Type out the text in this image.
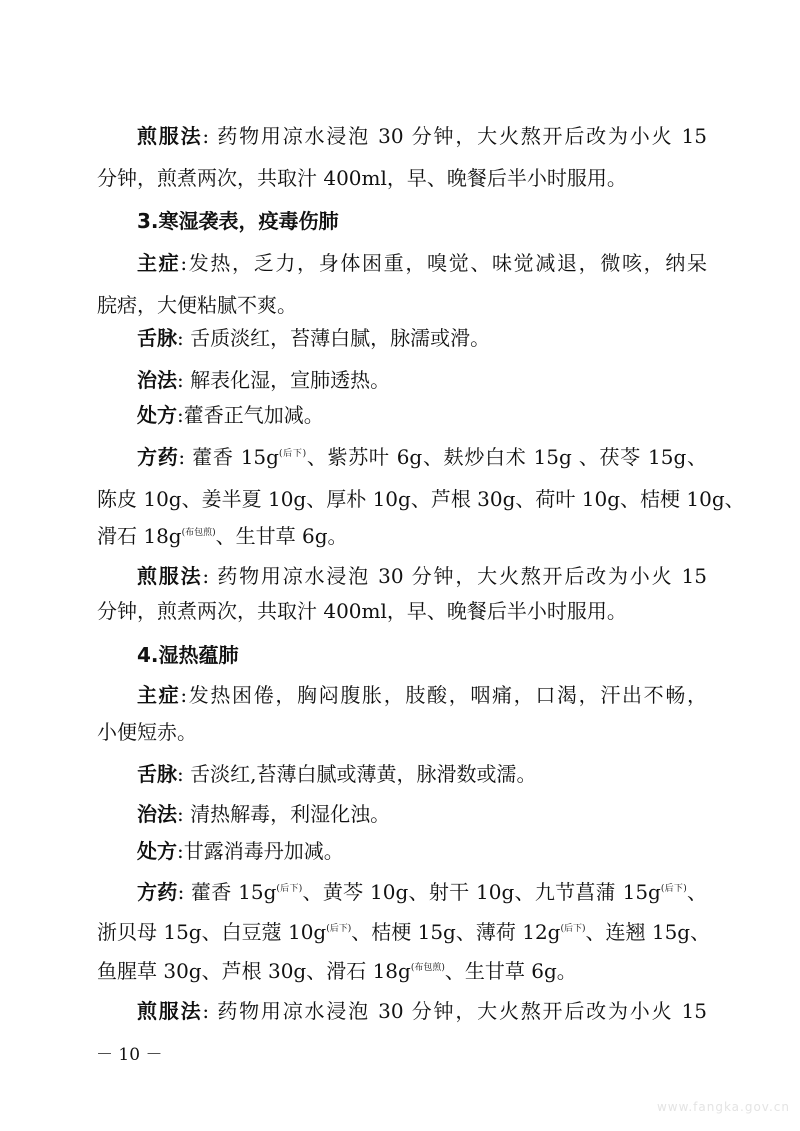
煎服法: 药物用凉水浸泡 30 分钟，大火熬开后改为小火 15
分钟，煎煮两次，共取汁 400ml，早、晚餐后半小时服用。
3.寒湿袭表，疫毒伤肺
主症:发热，乏力，身体困重，嗅觉、味觉减退，微咳，纳呆
脘痞，大便粘腻不爽。
舌脉: 舌质淡红，苔薄白腻，脉濡或滑。
治法: 解表化湿，宣肺透热。
处方:藿香正气加减。
方药: 藿香 $15g^{(后下)}$、紫苏叶 6g、麸炒白术 15g 、茯苓 15g、
陈皮 10g、姜半夏 10g、厚朴 10g、芦根 30g、荷叶 10g、桔梗 10g、
滑石 $18g^{(布包煎)}$、生甘草 6g。
煎服法: 药物用凉水浸泡 30 分钟，大火熬开后改为小火 15
分钟，煎煮两次，共取汁 400ml，早、晚餐后半小时服用。
4.湿热蕴肺
主症:发热困倦，胸闷腹胀，肢酸，咽痛，口渴，汗出不畅，
小便短赤。
舌脉: 舌淡红,苔薄白腻或薄黄，脉滑数或濡。
治法: 清热解毒，利湿化浊。
处方:甘露消毒丹加减。
方药: 藿香 $15g^{(后下)}$、黄芩 10g、射干 10g、九节菖蒲 $15g^{(后下)}$、
浙贝母 15g、白豆蔻 $10g^{(后下)}$、桔梗 15g、薄荷 $12g^{(后下)}$、连翘 15g、
鱼腥草 30g、芦根 30g、滑石 $18g^{(布包煎)}$、生甘草 6g。
煎服法: 药物用凉水浸泡 30 分钟，大火熬开后改为小火 15
－ 10 －
www.fangka.gov.cn
